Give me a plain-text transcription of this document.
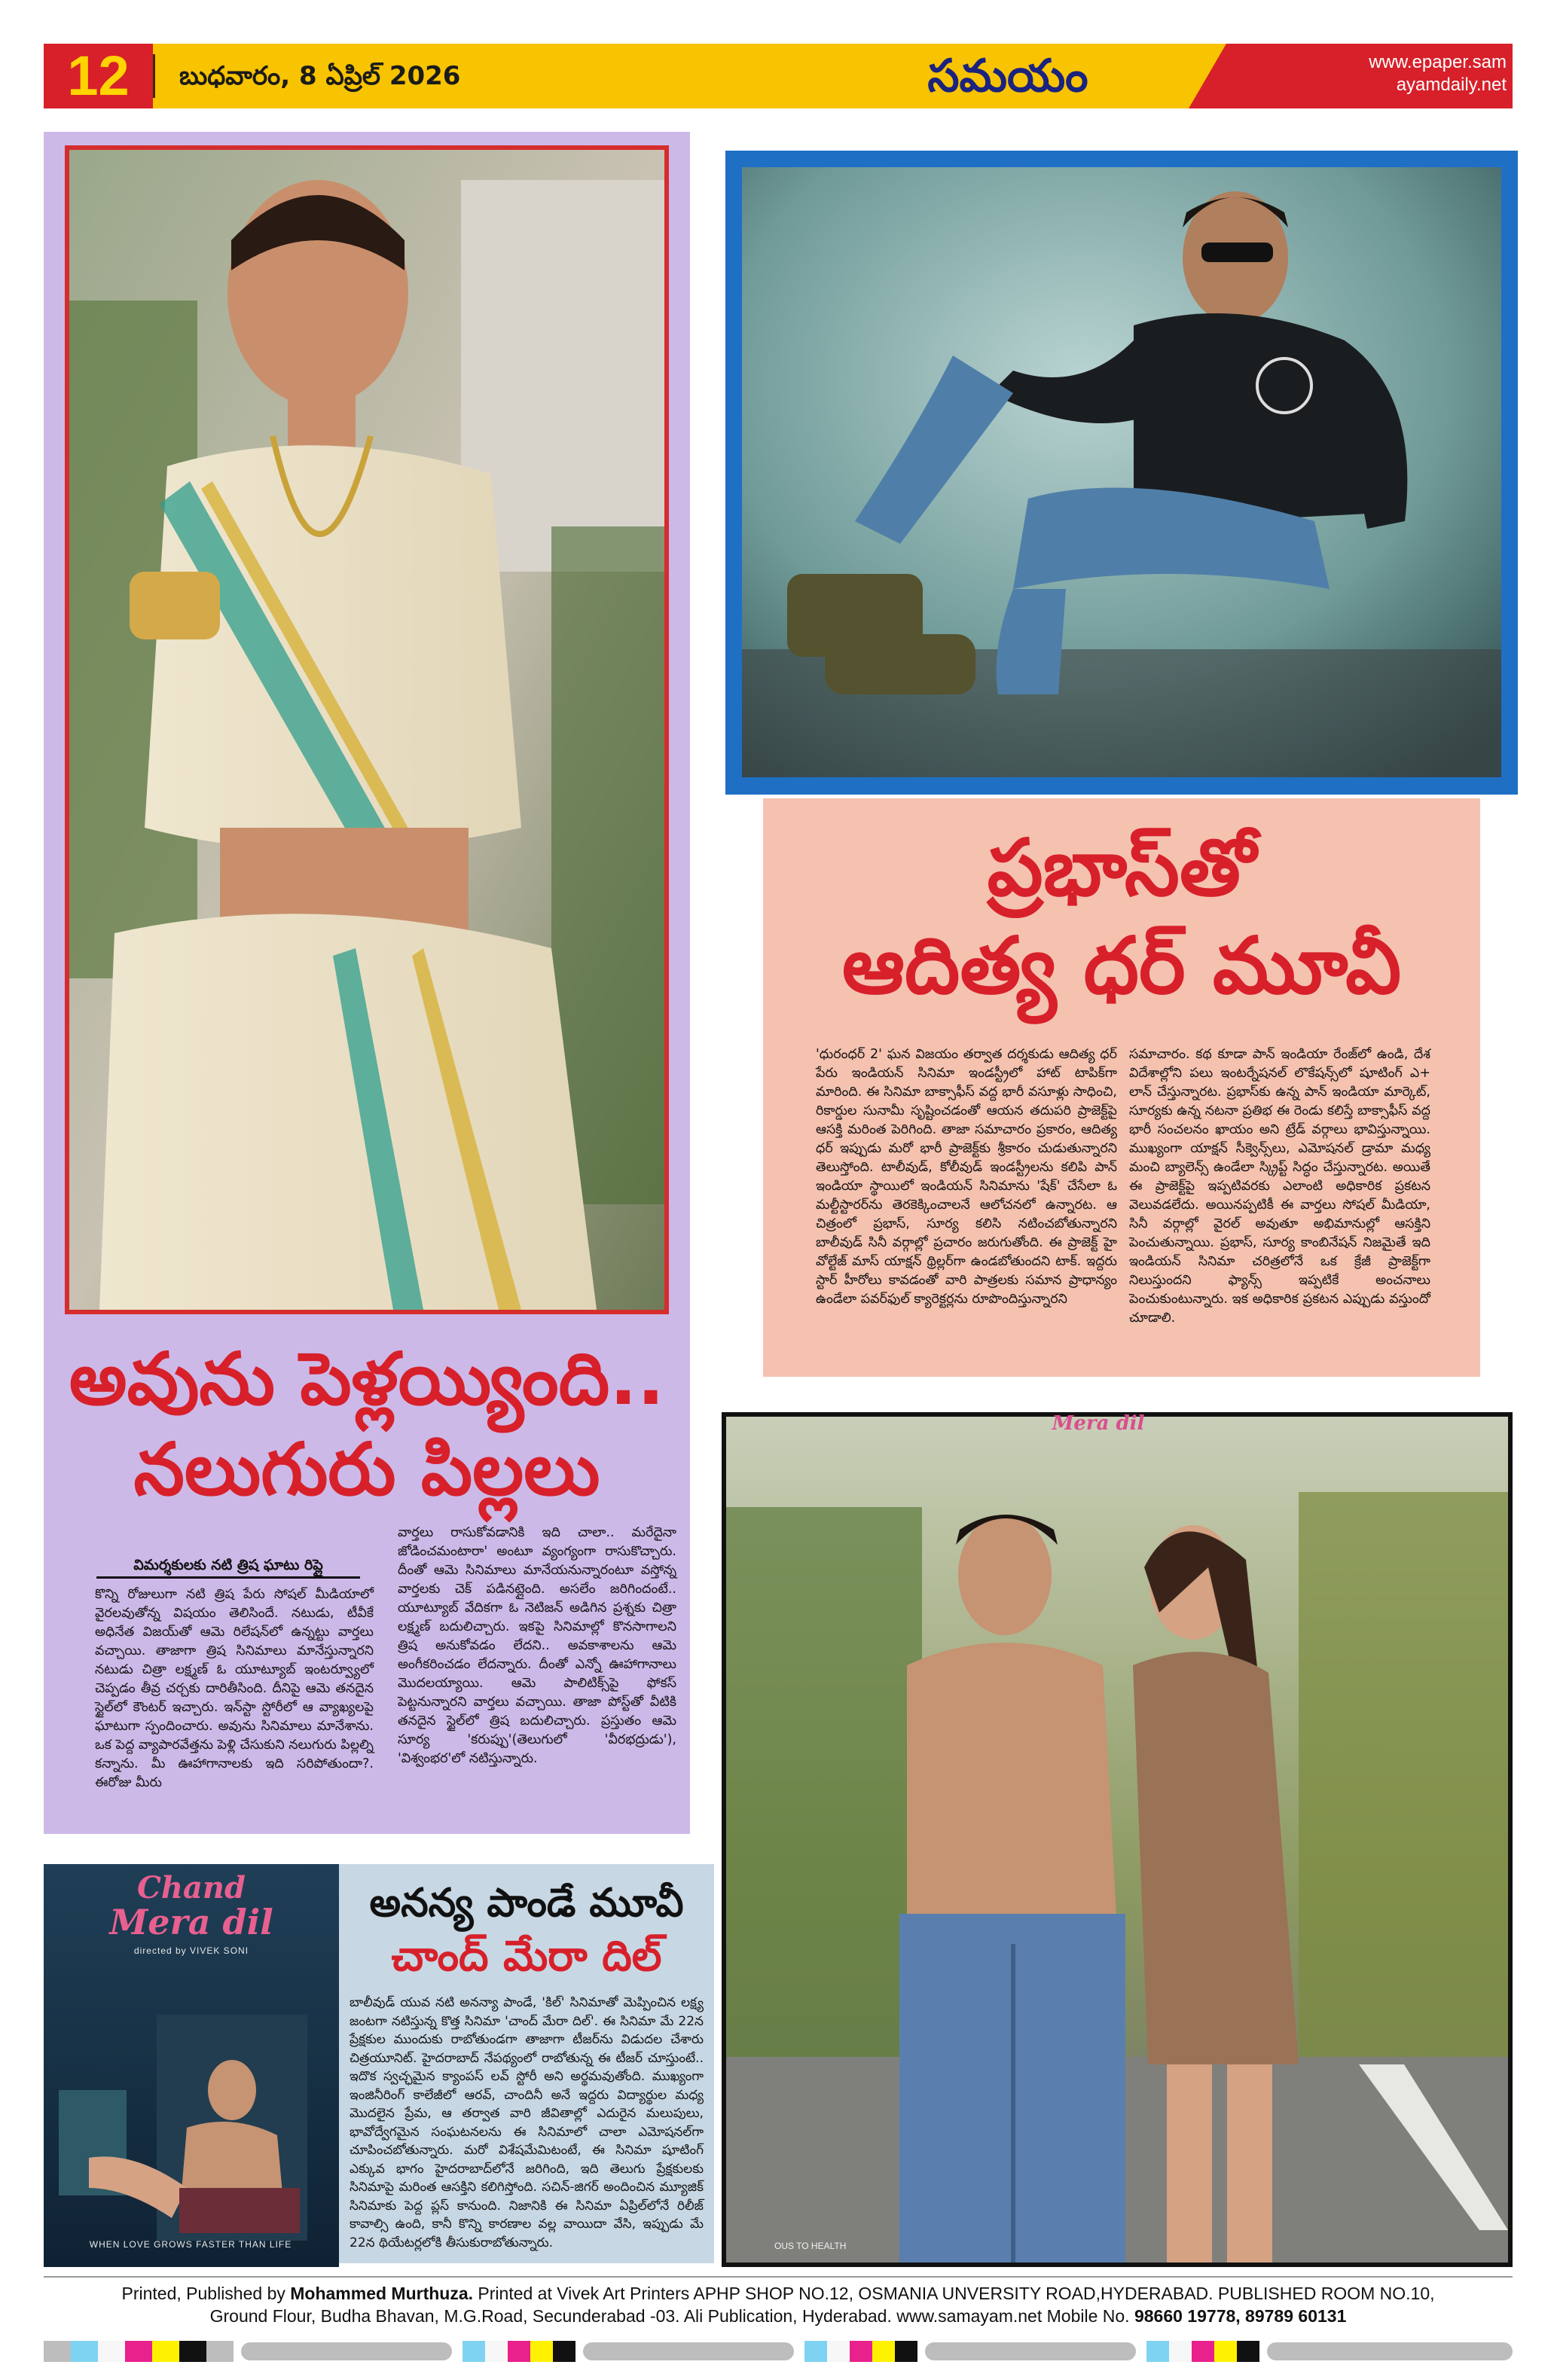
12	బుధవారం, 8 ఏప్రిల్ 2026	సమయం	www.epaper.sam
ayamdaily.net
అవును పెళ్లయ్యింది..
నలుగురు పిల్లలు
విమర్శకులకు నటి త్రిష ఘాటు రిప్లై
కొన్ని రోజులుగా నటి త్రిష పేరు సోషల్ మీడియాలో వైరలవుతోన్న విషయం తెలిసిందే. నటుడు, టీవీకే అధినేత విజయ్‌తో ఆమె రిలేషన్‌లో ఉన్నట్టు వార్తలు వచ్చాయి. తాజాగా త్రిష సినిమాలు మానేస్తున్నారని నటుడు చిత్రా లక్ష్మణ్ ఓ యూట్యూబ్ ఇంటర్వ్యూలో చెప్పడం తీవ్ర చర్చకు దారితీసింది. దీనిపై ఆమె తనదైన స్టైల్‌లో కౌంటర్ ఇచ్చారు. ఇన్‌స్టా స్టోరీలో ఆ వ్యాఖ్యలపై ఘాటుగా స్పందించారు. అవును సినిమాలు మానేశాను. ఒక పెద్ద వ్యాపారవేత్తను పెళ్లి చేసుకుని నలుగురు పిల్లల్ని కన్నాను. మీ ఊహాగానాలకు ఇది సరిపోతుందా?. ఈరోజు మీరు
వార్తలు రాసుకోవడానికి ఇది చాలా.. మరేదైనా జోడించమంటారా' అంటూ వ్యంగ్యంగా రాసుకొచ్చారు. దీంతో ఆమె సినిమాలు మానేయనున్నారంటూ వస్తోన్న వార్తలకు చెక్ పడినట్లైంది. అసలేం జరిగిందంటే.. యూట్యూబ్ వేదికగా ఓ నెటిజన్ అడిగిన ప్రశ్నకు చిత్రా లక్ష్మణ్ బదులిచ్చారు. ఇకపై సినిమాల్లో కొనసాగాలని త్రిష అనుకోవడం లేదని.. అవకాశాలను ఆమె అంగీకరించడం లేదన్నారు. దీంతో ఎన్నో ఊహాగానాలు మొదలయ్యాయి. ఆమె పాలిటిక్స్‌పై ఫోకస్ పెట్టనున్నారని వార్తలు వచ్చాయి. తాజా పోస్ట్‌తో వీటికి తనదైన స్టైల్‌లో త్రిష బదులిచ్చారు. ప్రస్తుతం ఆమె సూర్య 'కరుప్పు'(తెలుగులో 'వీరభద్రుడు'), 'విశ్వంభర'లో నటిస్తున్నారు.
ప్రభాస్‌తో
ఆదిత్య ధర్ మూవీ
'ధురంధర్ 2' ఘన విజయం తర్వాత దర్శకుడు ఆదిత్య ధర్ పేరు ఇండియన్ సినిమా ఇండస్ట్రీలో హాట్ టాపిక్‌గా మారింది. ఈ సినిమా బాక్సాఫీస్ వద్ద భారీ వసూళ్లు సాధించి, రికార్డుల సునామీ సృష్టించడంతో ఆయన తదుపరి ప్రాజెక్ట్‌పై ఆసక్తి మరింత పెరిగింది. తాజా సమాచారం ప్రకారం, ఆదిత్య ధర్ ఇప్పుడు మరో భారీ ప్రాజెక్ట్‌కు శ్రీకారం చుడుతున్నారని తెలుస్తోంది. టాలీవుడ్, కోలీవుడ్ ఇండస్ట్రీలను కలిపి పాన్ ఇండియా స్థాయిలో ఇండియన్ సినిమాను 'షేక్' చేసేలా ఓ మల్టీస్టారర్‌ను తెరకెక్కించాలనే ఆలోచనలో ఉన్నారట. ఆ చిత్రంలో ప్రభాస్, సూర్య కలిసి నటించబోతున్నారని బాలీవుడ్ సినీ వర్గాల్లో ప్రచారం జరుగుతోంది. ఈ ప్రాజెక్ట్ హై వోల్టేజ్ మాస్ యాక్షన్ థ్రిల్లర్‌గా ఉండబోతుందని టాక్. ఇద్దరు స్టార్ హీరోలు కావడంతో వారి పాత్రలకు సమాన ప్రాధాన్యం ఉండేలా పవర్‌ఫుల్ క్యారెక్టర్లను రూపొందిస్తున్నారని
సమాచారం. కథ కూడా పాన్ ఇండియా రేంజ్‌లో ఉండి, దేశ విదేశాల్లోని పలు ఇంటర్నేషనల్ లొకేషన్స్‌లో షూటింగ్ ఎ+ లాన్ చేస్తున్నారట. ప్రభాస్‌కు ఉన్న పాన్ ఇండియా మార్కెట్, సూర్యకు ఉన్న నటనా ప్రతిభ ఈ రెండు కలిస్తే బాక్సాఫీస్ వద్ద భారీ సంచలనం ఖాయం అని ట్రేడ్ వర్గాలు భావిస్తున్నాయి. ముఖ్యంగా యాక్షన్ సీక్వెన్స్‌లు, ఎమోషనల్ డ్రామా మధ్య మంచి బ్యాలెన్స్ ఉండేలా స్క్రిప్ట్ సిద్ధం చేస్తున్నారట. అయితే ఈ ప్రాజెక్ట్‌పై ఇప్పటివరకు ఎలాంటి అధికారిక ప్రకటన వెలువడలేదు. అయినప్పటికీ ఈ వార్తలు సోషల్ మీడియా, సినీ వర్గాల్లో వైరల్ అవుతూ అభిమానుల్లో ఆసక్తిని పెంచుతున్నాయి. ప్రభాస్, సూర్య కాంబినేషన్ నిజమైతే ఇది ఇండియన్ సినిమా చరిత్రలోనే ఒక క్రేజీ ప్రాజెక్ట్‌గా నిలుస్తుందని ఫ్యాన్స్ ఇప్పటికే అంచనాలు పెంచుకుంటున్నారు. ఇక అధికారిక ప్రకటన ఎప్పుడు వస్తుందో చూడాలి.
Mera dil
OUS TO HEALTH
Chand
Mera dil
directed by VIVEK SONI
WHEN LOVE GROWS FASTER THAN LIFE
అనన్య పాండే మూవీ
చాంద్ మేరా దిల్
బాలీవుడ్ యువ నటి అనన్యా పాండే, 'కిల్' సినిమాతో మెప్పించిన లక్ష్య జంటగా నటిస్తున్న కొత్త సినిమా 'చాంద్ మేరా దిల్'. ఈ సినిమా మే 22న ప్రేక్షకుల ముందుకు రాబోతుండగా తాజాగా టీజర్‌ను విడుదల చేశారు చిత్రయూనిట్. హైదరాబాద్ నేపథ్యంలో రాబోతున్న ఈ టీజర్ చూస్తుంటే.. ఇదొక స్వచ్ఛమైన క్యాంపస్ లవ్ స్టోరీ అని అర్థమవుతోంది. ముఖ్యంగా ఇంజినీరింగ్ కాలేజీలో ఆరవ్, చాందినీ అనే ఇద్దరు విద్యార్థుల మధ్య మొదలైన ప్రేమ, ఆ తర్వాత వారి జీవితాల్లో ఎదురైన మలుపులు, భావోద్వేగమైన సంఘటనలను ఈ సినిమాలో చాలా ఎమోషనల్‌గా చూపించబోతున్నారు. మరో విశేషమేమిటంటే, ఈ సినిమా షూటింగ్ ఎక్కువ భాగం హైదరాబాద్‌లోనే జరిగింది, ఇది తెలుగు ప్రేక్షకులకు సినిమాపై మరింత ఆసక్తిని కలిగిస్తోంది. సచిన్-జిగర్ అందించిన మ్యూజిక్ సినిమాకు పెద్ద ప్లస్ కానుంది. నిజానికి ఈ సినిమా ఏప్రిల్‌లోనే రిలీజ్ కావాల్సి ఉంది, కానీ కొన్ని కారణాల వల్ల వాయిదా వేసి, ఇప్పుడు మే 22న థియేటర్లలోకి తీసుకురాబోతున్నారు.
Printed, Published by Mohammed Murthuza. Printed at Vivek Art Printers APHP SHOP NO.12, OSMANIA UNVERSITY ROAD,HYDERABAD. PUBLISHED ROOM NO.10,
Ground Flour, Budha Bhavan, M.G.Road, Secunderabad -03. Ali Publication, Hyderabad. www.samayam.net Mobile No. 98660 19778, 89789 60131
